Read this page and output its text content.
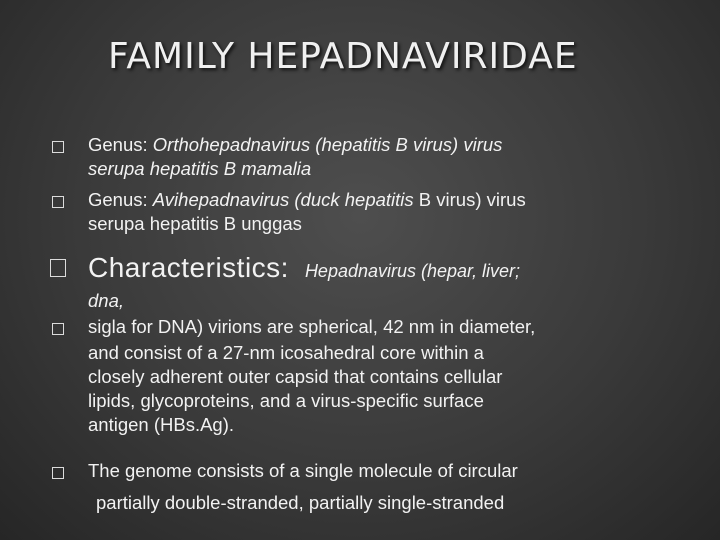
FAMILY HEPADNAVIRIDAE
Genus: Orthohepadnavirus (hepatitis B virus) virus
serupa hepatitis B mamalia
Genus: Avihepadnavirus (duck hepatitis B virus) virus
serupa hepatitis B unggas
Characteristics: Hepadnavirus (hepar, liver;
dna,
sigla for DNA) virions are spherical, 42 nm in diameter,
and consist of a 27-nm icosahedral core within a
closely adherent outer capsid that contains cellular
lipids, glycoproteins, and a virus-specific surface
antigen (HBs.Ag).
The genome consists of a single molecule of circular
partially double-stranded, partially single-stranded
